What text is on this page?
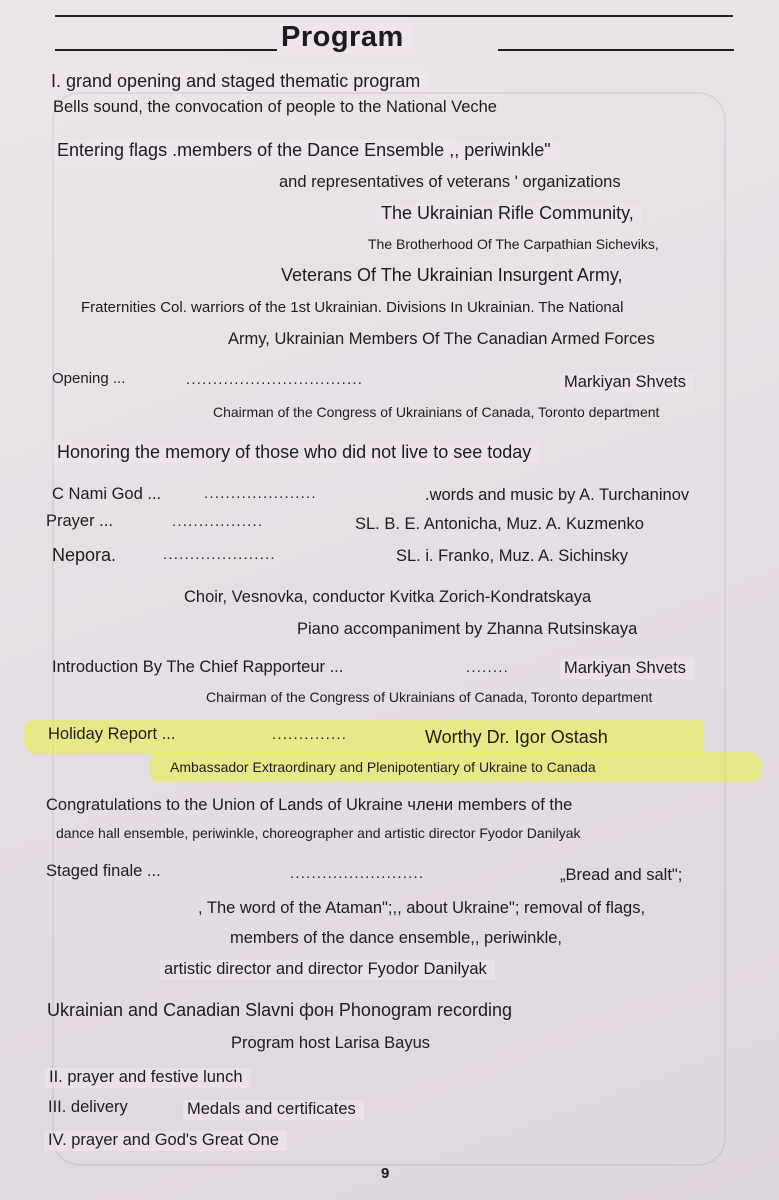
Program
I. grand opening and staged thematic program
Bells sound, the convocation of people to the National Veche
Entering flags .members of the Dance Ensemble ,, periwinkle"
and representatives of veterans ' organizations
The Ukrainian Rifle Community,
The Brotherhood Of The Carpathian Sicheviks,
Veterans Of The Ukrainian Insurgent Army,
Fraternities Col. warriors of the 1st Ukrainian. Divisions In Ukrainian. The National
Army, Ukrainian Members Of The Canadian Armed Forces
Opening ...	.................................	Markiyan Shvets
Chairman of the Congress of Ukrainians of Canada, Toronto department
Honoring the memory of those who did not live to see today
C Nami God ...	.....................	.words and music by A. Turchaninov
Prayer ...	.................	SL. B. E. Antonicha, Muz. A. Kuzmenko
Nepora.	.....................	SL. i. Franko, Muz. A. Sichinsky
Choir, Vesnovka, conductor Kvitka Zorich-Kondratskaya
Piano accompaniment by Zhanna Rutsinskaya
Introduction By The Chief Rapporteur ...	........	Markiyan Shvets
Chairman of the Congress of Ukrainians of Canada, Toronto department
Holiday Report ...	..............	Worthy Dr. Igor Ostash
Ambassador Extraordinary and Plenipotentiary of Ukraine to Canada
Congratulations to the Union of Lands of Ukraine члени members of the
dance hall ensemble, periwinkle, choreographer and artistic director Fyodor Danilyak
Staged finale ...	.........................	„Bread and salt";
, The word of the Ataman";,, about Ukraine"; removal of flags,
members of the dance ensemble,, periwinkle,
artistic director and director Fyodor Danilyak
Ukrainian and Canadian Slavni фон Phonogram recording
Program host Larisa Bayus
II. prayer and festive lunch
III. delivery	Medals and certificates
IV. prayer and God's Great One
9
